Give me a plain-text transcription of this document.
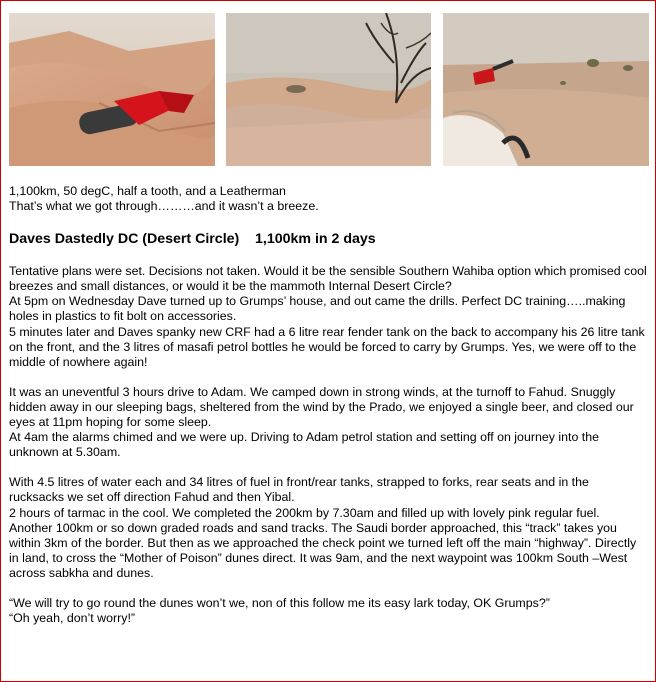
1,100km, 50 degC, half a tooth, and a Leatherman

That’s what we got through………and it wasn’t a breeze.

Daves Dastedly DC (Desert Circle)    1,100km in 2 days

Tentative plans were set. Decisions not taken. Would it be the sensible Southern Wahiba option which promised cool breezes and small distances, or would it be the mammoth Internal Desert Circle?

At 5pm on Wednesday Dave turned up to Grumps’ house, and out came the drills. Perfect DC training…..making holes in plastics to fit bolt on accessories.

5 minutes later and Daves spanky new CRF had a 6 litre rear fender tank on the back to accompany his 26 litre tank on the front, and the 3 litres of masafi petrol bottles he would be forced to carry by Grumps. Yes, we were off to the middle of nowhere again!

It was an uneventful 3 hours drive to Adam. We camped down in strong winds, at the turnoff to Fahud. Snuggly hidden away in our sleeping bags, sheltered from the wind by the Prado, we enjoyed a single beer, and closed our eyes at 11pm hoping for some sleep.

At 4am the alarms chimed and we were up. Driving to Adam petrol station and setting off on journey into the unknown at 5.30am.

With 4.5 litres of water each and 34 litres of fuel in front/rear tanks, strapped to forks, rear seats and in the rucksacks we set off direction Fahud and then Yibal.

2 hours of tarmac in the cool. We completed the 200km by 7.30am and filled up with lovely pink regular fuel.

Another 100km or so down graded roads and sand tracks. The Saudi border approached, this “track” takes you within 3km of the border. But then as we approached the check point we turned left off the main “highway”. Directly in land, to cross the “Mother of Poison” dunes direct. It was 9am, and the next waypoint was 100km South –West across sabkha and dunes.

“We will try to go round the dunes won’t we, non of this follow me its easy lark today, OK Grumps?”

“Oh yeah, don’t worry!”
